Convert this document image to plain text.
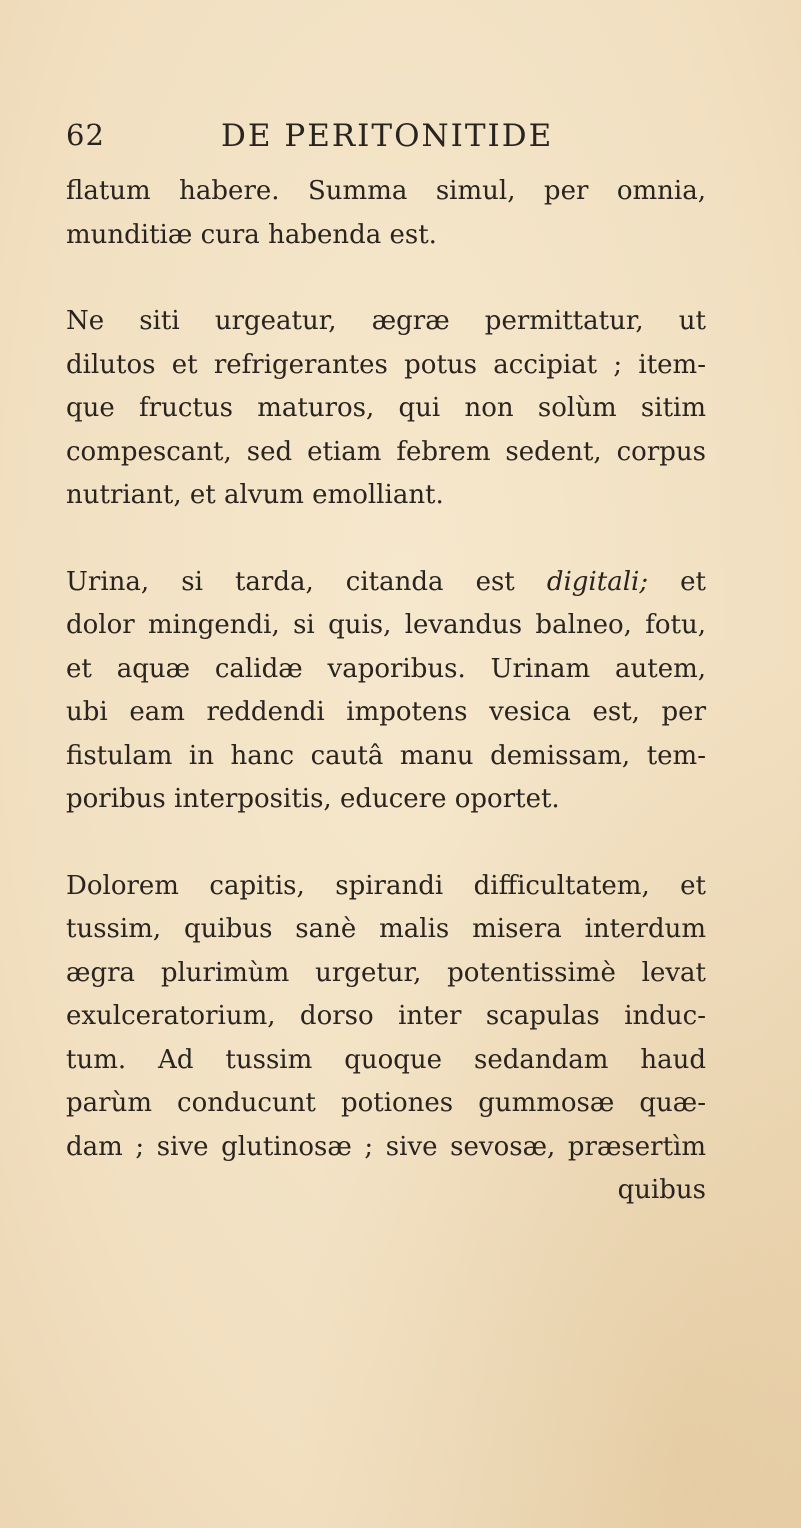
62	DE PERITONITIDE

flatum habere. Summa simul, per omnia,
munditiæ cura habenda est.

Ne siti urgeatur, ægræ permittatur, ut
dilutos et refrigerantes potus accipiat ; item-
que fructus maturos, qui non solùm sitim
compescant, sed etiam febrem sedent, corpus
nutriant, et alvum emolliant.

Urina, si tarda, citanda est digitali; et
dolor mingendi, si quis, levandus balneo, fotu,
et aquæ calidæ vaporibus. Urinam autem,
ubi eam reddendi impotens vesica est, per
fistulam in hanc cautâ manu demissam, tem-
poribus interpositis, educere oportet.

Dolorem capitis, spirandi difficultatem, et
tussim, quibus sanè malis misera interdum
ægra plurimùm urgetur, potentissimè levat
exulceratorium, dorso inter scapulas induc-
tum. Ad tussim quoque sedandam haud
parùm conducunt potiones gummosæ quæ-
dam ; sive glutinosæ ; sive sevosæ, præsertìm
quibus
